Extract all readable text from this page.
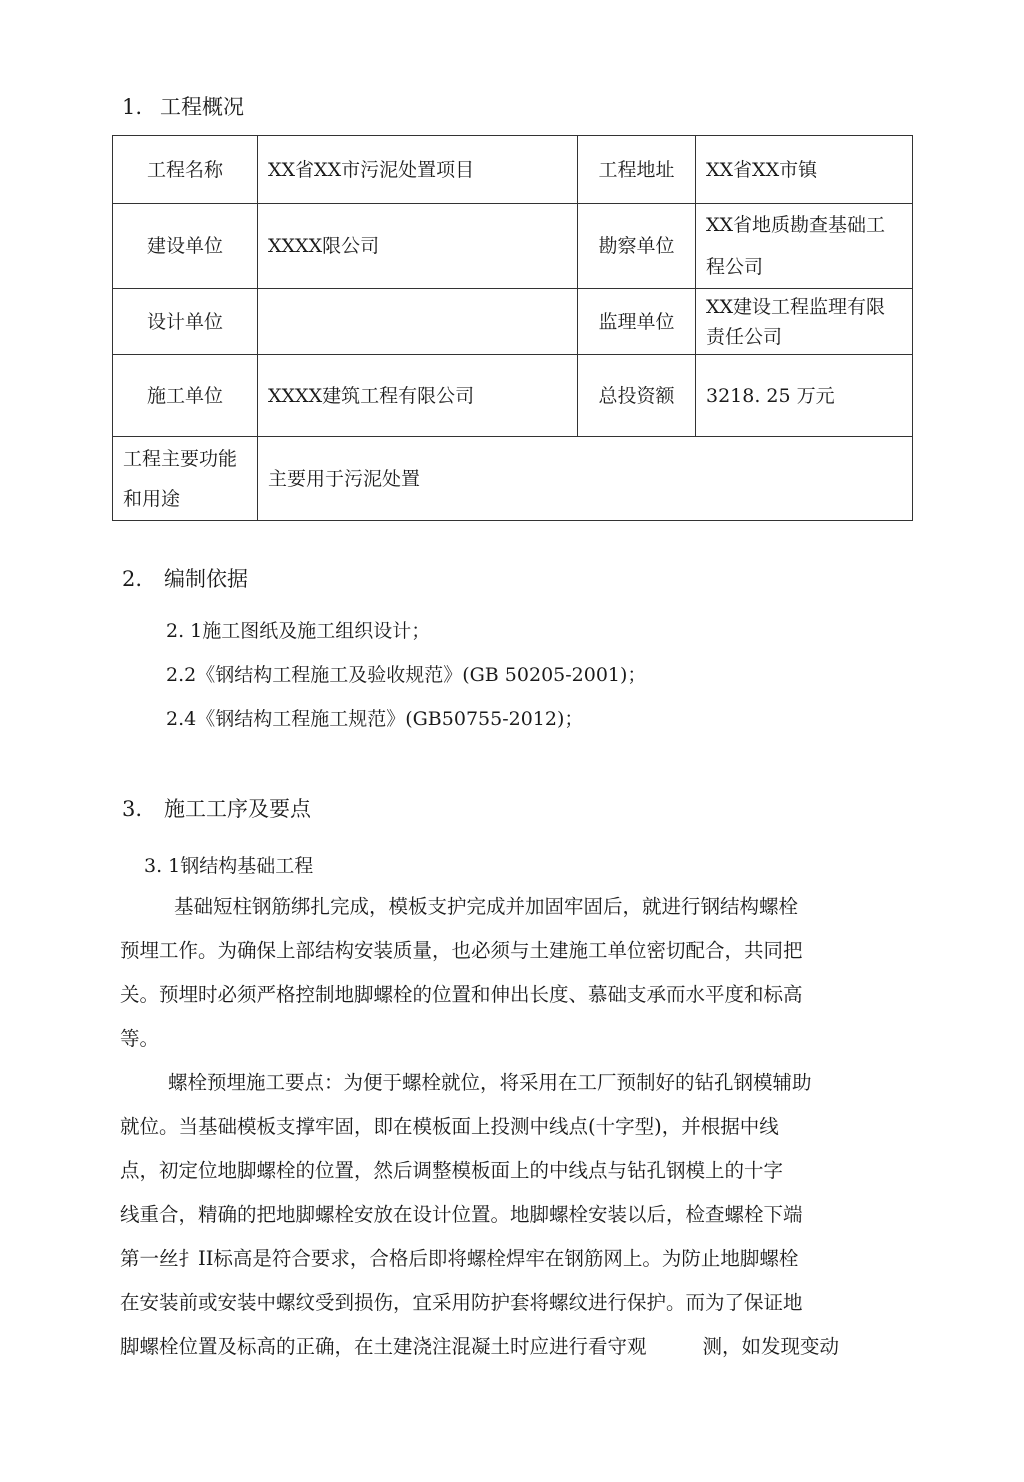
1. 工程概况
工程名称	XX省XX市污泥处置项目	工程地址	XX省XX市镇
建设单位	XXXX限公司	勘察单位	XX省地质勘查基础工程公司
设计单位		监理单位	XX建设工程监理有限责任公司
施工单位	XXXX建筑工程有限公司	总投资额	3218. 25 万元
工程主要功能和用途	主要用于污泥处置		
2. 编制依据
2. 1施工图纸及施工组织设计；
2.2《钢结构工程施工及验收规范》(GB 50205-2001)；
2.4《钢结构工程施工规范》(GB50755-2012)；
3. 施工工序及要点
3. 1钢结构基础工程
基础短柱钢筋绑扎完成，模板支护完成并加固牢固后，就进行钢结构螺栓
预埋工作。为确保上部结构安装质量，也必须与土建施工单位密切配合，共同把
关。预埋时必须严格控制地脚螺栓的位置和伸出长度、慕础支承而水平度和标高
等。
螺栓预埋施工要点：为便于螺栓就位，将采用在工厂预制好的钻孔钢模辅助
就位。当基础模板支撑牢固，即在模板面上投测中线点(十字型)，并根据中线
点，初定位地脚螺栓的位置，然后调整模板面上的中线点与钻孔钢模上的十字
线重合，精确的把地脚螺栓安放在设计位置。地脚螺栓安装以后，检查螺栓下端
第一丝扌II标高是符合要求，合格后即将螺栓焊牢在钢筋网上。为防止地脚螺栓
在安装前或安装中螺纹受到损伤，宜采用防护套将螺纹进行保护。而为了保证地
脚螺栓位置及标高的正确，在土建浇注混凝土时应进行看守观	测，如发现变动
